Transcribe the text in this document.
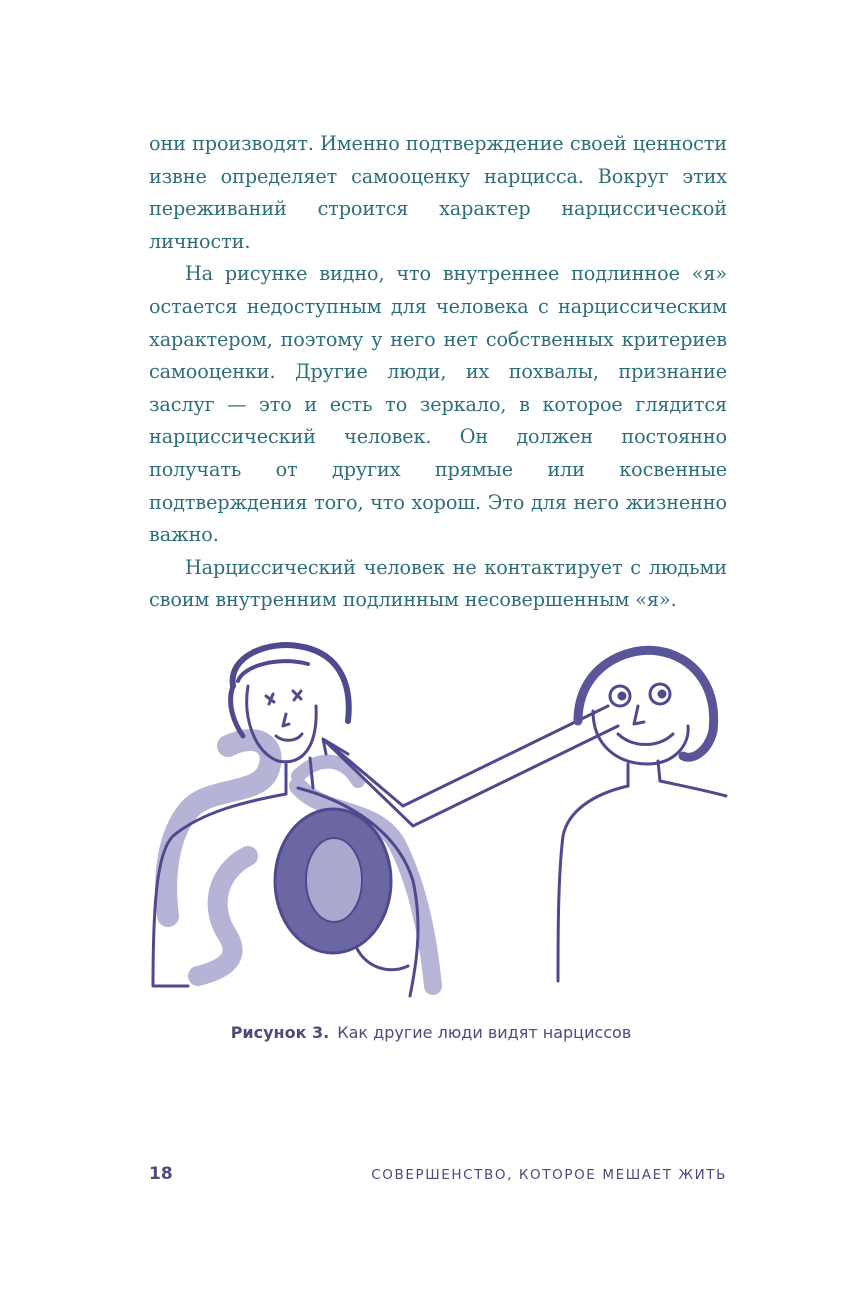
они производят. Именно подтверждение своей ценности извне определяет самооценку нарцисса. Вокруг этих переживаний строится характер нарциссической личности.

На рисунке видно, что внутреннее подлинное «я» остается недоступным для человека с нарциссическим характером, поэтому у него нет собственных критериев самооценки. Другие люди, их похвалы, признание заслуг — это и есть то зеркало, в которое глядится нарциссический человек. Он должен постоянно получать от других прямые или косвенные подтверждения того, что хорош. Это для него жизненно важно.

Нарциссический человек не контактирует с людьми своим внутренним подлинным несовершенным «я».

Рисунок 3. Как другие люди видят нарциссов
18	СОВЕРШЕНСТВО, КОТОРОЕ МЕШАЕТ ЖИТЬ
